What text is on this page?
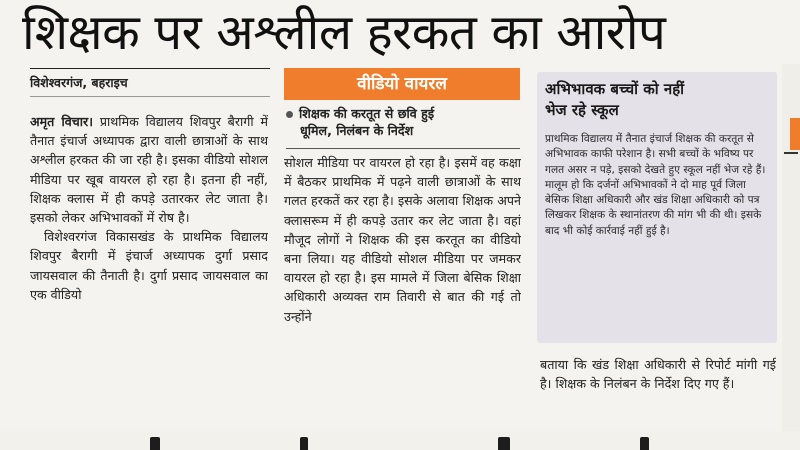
शिक्षक पर अश्लील हरकत का आरोप
विशेश्वरगंज, बहराइच

अमृत विचार। प्राथमिक विद्यालय शिवपुर बैरागी में तैनात इंचार्ज अध्यापक द्वारा वाली छात्राओं के साथ अश्लील हरकत की जा रही है। इसका वीडियो सोशल मीडिया पर खूब वायरल हो रहा है। इतना ही नहीं, शिक्षक क्लास में ही कपड़े उतारकर लेट जाता है। इसको लेकर अभिभावकों में रोष है।

विशेश्वरगंज विकासखंड के प्राथमिक विद्यालय शिवपुर बैरागी में इंचार्ज अध्यापक दुर्गा प्रसाद जायसवाल की तैनाती है। दुर्गा प्रसाद जायसवाल का एक वीडियो

वीडियो वायरल
शिक्षक की करतूत से छवि हुई
धूमिल, निलंबन के निर्देश

सोशल मीडिया पर वायरल हो रहा है। इसमें वह कक्षा में बैठकर प्राथमिक में पढ़ने वाली छात्राओं के साथ गलत हरकतें कर रहा है। इसके अलावा शिक्षक अपने क्लासरूम में ही कपड़े उतार कर लेट जाता है। वहां मौजूद लोगों ने शिक्षक की इस करतूत का वीडियो बना लिया। यह वीडियो सोशल मीडिया पर जमकर वायरल हो रहा है। इस मामले में जिला बेसिक शिक्षा अधिकारी अव्यक्त राम तिवारी से बात की गई तो उन्होंने

अभिभावक बच्चों को नहीं
भेज रहे स्कूल

प्राथमिक विद्यालय में तैनात इंचार्ज शिक्षक की करतूत से अभिभावक काफी परेशान है। सभी बच्चों के भविष्य पर गलत असर न पड़े, इसको देखते हुए स्कूल नहीं भेज रहे हैं। मालूम हो कि दर्जनों अभिभावकों ने दो माह पूर्व जिला बेसिक शिक्षा अधिकारी और खंड शिक्षा अधिकारी को पत्र लिखकर शिक्षक के स्थानांतरण की मांग भी की थी। इसके बाद भी कोई कार्रवाई नहीं हुई है।

बताया कि खंड शिक्षा अधिकारी से रिपोर्ट मांगी गई है। शिक्षक के निलंबन के निर्देश दिए गए हैं।
